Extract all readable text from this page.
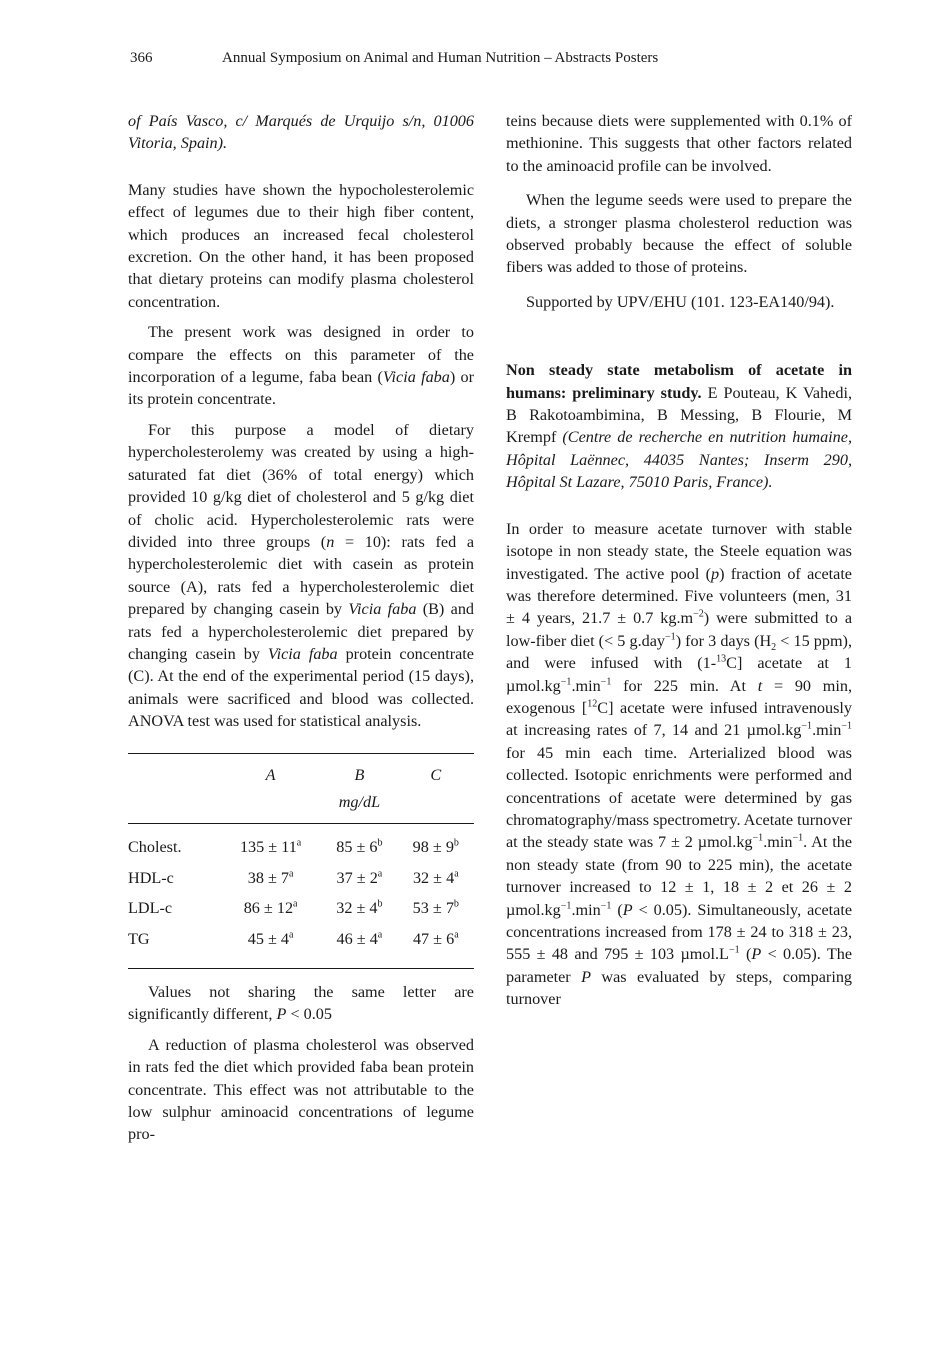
366	Annual Symposium on Animal and Human Nutrition – Abstracts Posters

of País Vasco, c/ Marqués de Urquijo s/n, 01006 Vitoria, Spain).

Many studies have shown the hypocholesterolemic effect of legumes due to their high fiber content, which produces an increased fecal cholesterol excretion. On the other hand, it has been proposed that dietary proteins can modify plasma cholesterol concentration.

The present work was designed in order to compare the effects on this parameter of the incorporation of a legume, faba bean (Vicia faba) or its protein concentrate.

For this purpose a model of dietary hypercholesterolemy was created by using a high-saturated fat diet (36% of total energy) which provided 10 g/kg diet of cholesterol and 5 g/kg diet of cholic acid. Hypercholesterolemic rats were divided into three groups (n = 10): rats fed a hypercholesterolemic diet with casein as protein source (A), rats fed a hypercholesterolemic diet prepared by changing casein by Vicia faba (B) and rats fed a hypercholesterolemic diet prepared by changing casein by Vicia faba protein concentrate (C). At the end of the experimental period (15 days), animals were sacrificed and blood was collected. ANOVA test was used for statistical analysis.

	A	B	C
		mg/dL	
Cholest.	$135 \pm 11^a$	$85 \pm 6^b$	$98 \pm 9^b$
HDL-c	$38 \pm 7^a$	$37 \pm 2^a$	$32 \pm 4^a$
LDL-c	$86 \pm 12^a$	$32 \pm 4^b$	$53 \pm 7^b$
TG	$45 \pm 4^a$	$46 \pm 4^a$	$47 \pm 6^a$

Values not sharing the same letter are significantly different, P < 0.05

A reduction of plasma cholesterol was observed in rats fed the diet which provided faba bean protein concentrate. This effect was not attributable to the low sulphur aminoacid concentrations of legume pro-

teins because diets were supplemented with 0.1% of methionine. This suggests that other factors related to the aminoacid profile can be involved.

When the legume seeds were used to prepare the diets, a stronger plasma cholesterol reduction was observed probably because the effect of soluble fibers was added to those of proteins.

Supported by UPV/EHU (101. 123-EA140/94).

Non steady state metabolism of acetate in humans: preliminary study. E Pouteau, K Vahedi, B Rakotoambimina, B Messing, B Flourie, M Krempf (Centre de recherche en nutrition humaine, Hôpital Laënnec, 44035 Nantes; Inserm 290, Hôpital St Lazare, 75010 Paris, France).

In order to measure acetate turnover with stable isotope in non steady state, the Steele equation was investigated. The active pool (p) fraction of acetate was therefore determined. Five volunteers (men, 31 ± 4 years, 21.7 ± 0.7 $kg.m^{-2}$) were submitted to a low-fiber diet (< 5 g.day$^{-1}$) for 3 days ($H_2 < 15$ ppm), and were infused with (1-$^{13}$C] acetate at 1 $\mu mol.kg^{-1}.\min^{-1}$ for 225 min. At t = 90 min, exogenous [$^{12}$C] acetate were infused intravenously at increasing rates of 7, 14 and 21 $\mu mol.kg^{-1}.\min^{-1}$ for 45 min each time. Arterialized blood was collected. Isotopic enrichments were performed and concentrations of acetate were determined by gas chromatography/mass spectrometry. Acetate turnover at the steady state was 7 ± 2 $\mu mol.kg^{-1}.\min^{-1}$. At the non steady state (from 90 to 225 min), the acetate turnover increased to 12 ± 1, 18 ± 2 et 26 ± 2 $\mu mol.kg^{-1}.\min^{-1}$ (P < 0.05). Simultaneously, acetate concentrations increased from 178 ± 24 to 318 ± 23, 555 ± 48 and 795 ± 103 $\mu mol.L^{-1}$ (P < 0.05). The parameter P was evaluated by steps, comparing turnover
